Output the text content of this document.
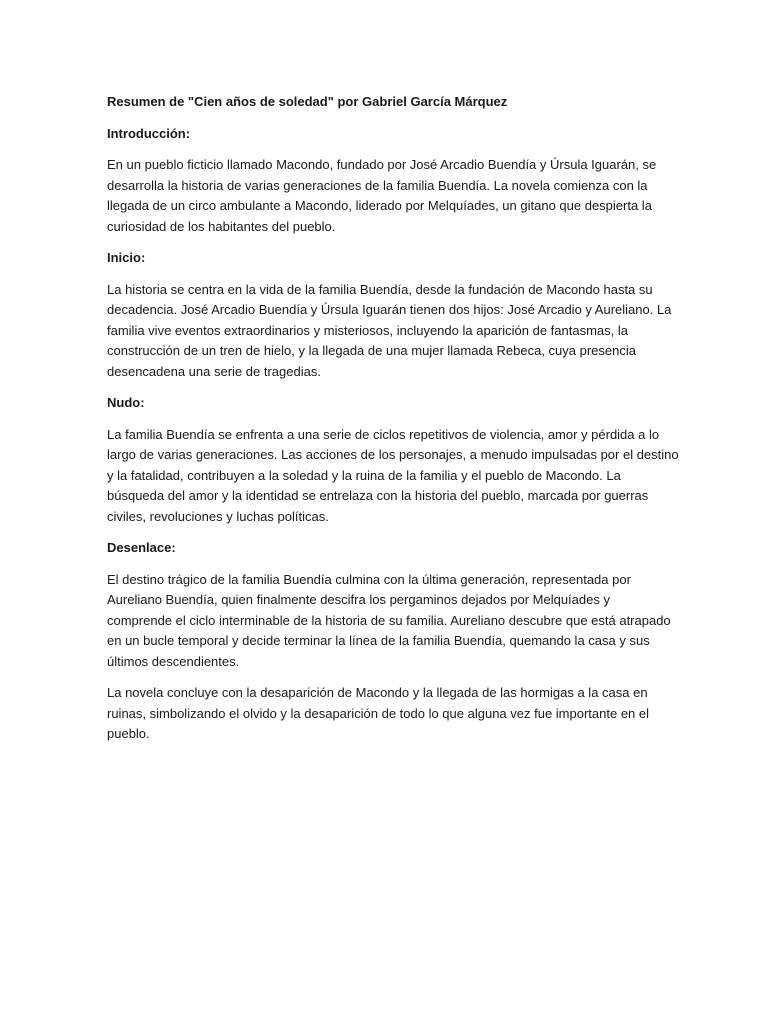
Resumen de "Cien años de soledad" por Gabriel García Márquez
Introducción:
En un pueblo ficticio llamado Macondo, fundado por José Arcadio Buendía y Úrsula Iguarán, se
desarrolla la historia de varias generaciones de la familia Buendía. La novela comienza con la
llegada de un circo ambulante a Macondo, liderado por Melquíades, un gitano que despierta la
curiosidad de los habitantes del pueblo.
Inicio:
La historia se centra en la vida de la familia Buendía, desde la fundación de Macondo hasta su
decadencia. José Arcadio Buendía y Úrsula Iguarán tienen dos hijos: José Arcadio y Aureliano. La
familia vive eventos extraordinarios y misteriosos, incluyendo la aparición de fantasmas, la
construcción de un tren de hielo, y la llegada de una mujer llamada Rebeca, cuya presencia
desencadena una serie de tragedias.
Nudo:
La familia Buendía se enfrenta a una serie de ciclos repetitivos de violencia, amor y pérdida a lo
largo de varias generaciones. Las acciones de los personajes, a menudo impulsadas por el destino
y la fatalidad, contribuyen a la soledad y la ruina de la familia y el pueblo de Macondo. La
búsqueda del amor y la identidad se entrelaza con la historia del pueblo, marcada por guerras
civiles, revoluciones y luchas políticas.
Desenlace:
El destino trágico de la familia Buendía culmina con la última generación, representada por
Aureliano Buendía, quien finalmente descifra los pergaminos dejados por Melquíades y
comprende el ciclo interminable de la historia de su familia. Aureliano descubre que está atrapado
en un bucle temporal y decide terminar la línea de la familia Buendía, quemando la casa y sus
últimos descendientes.
La novela concluye con la desaparición de Macondo y la llegada de las hormigas a la casa en
ruinas, simbolizando el olvido y la desaparición de todo lo que alguna vez fue importante en el
pueblo.
